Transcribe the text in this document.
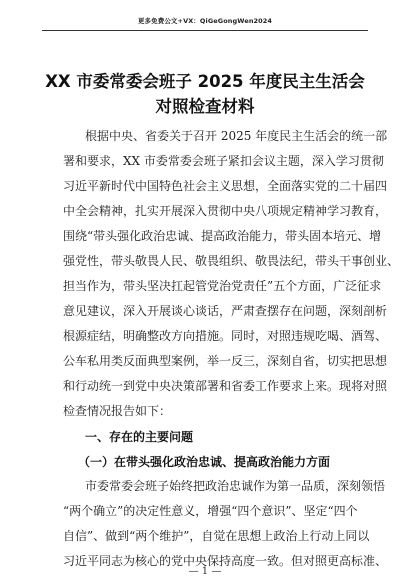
更多免费公文+VX：QiGeGongWen2024
XX 市委常委会班子 2025 年度民主生活会
对照检查材料
根据中央、省委关于召开 2025 年度民主生活会的统一部
署和要求，XX 市委常委会班子紧扣会议主题，深入学习贯彻
习近平新时代中国特色社会主义思想，全面落实党的二十届四
中全会精神，扎实开展深入贯彻中央八项规定精神学习教育，
围绕“带头强化政治忠诚、提高政治能力，带头固本培元、增
强党性，带头敬畏人民、敬畏组织、敬畏法纪，带头干事创业、
担当作为，带头坚决扛起管党治党责任”五个方面，广泛征求
意见建议，深入开展谈心谈话，严肃查摆存在问题，深刻剖析
根源症结，明确整改方向措施。同时，对照违规吃喝、酒驾、
公车私用类反面典型案例，举一反三，深刻自省，切实把思想
和行动统一到党中央决策部署和省委工作要求上来。现将对照
检查情况报告如下：
一、存在的主要问题
（一）在带头强化政治忠诚、提高政治能力方面
市委常委会班子始终把政治忠诚作为第一品质，深刻领悟
“两个确立”的决定性意义，增强“四个意识”、坚定“四个
自信”、做到“两个维护”，自觉在思想上政治上行动上同以
习近平同志为核心的党中央保持高度一致。但对照更高标准、
— 1 —
